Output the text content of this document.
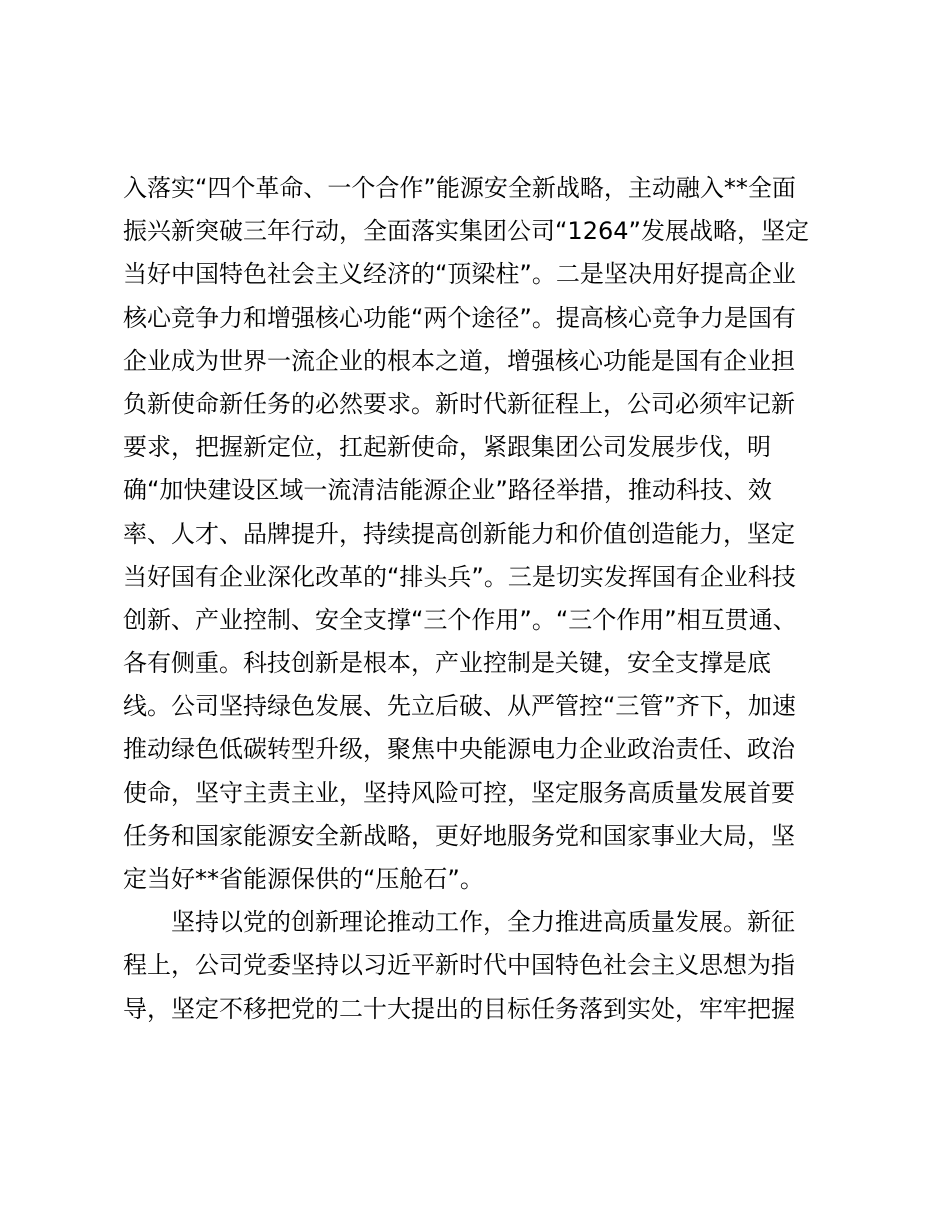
入落实“四个革命、一个合作”能源安全新战略，主动融入**全面
振兴新突破三年行动，全面落实集团公司“1264”发展战略，坚定
当好中国特色社会主义经济的“顶梁柱”。二是坚决用好提高企业
核心竞争力和增强核心功能“两个途径”。提高核心竞争力是国有
企业成为世界一流企业的根本之道，增强核心功能是国有企业担
负新使命新任务的必然要求。新时代新征程上，公司必须牢记新
要求，把握新定位，扛起新使命，紧跟集团公司发展步伐，明
确“加快建设区域一流清洁能源企业”路径举措，推动科技、效
率、人才、品牌提升，持续提高创新能力和价值创造能力，坚定
当好国有企业深化改革的“排头兵”。三是切实发挥国有企业科技
创新、产业控制、安全支撑“三个作用”。“三个作用”相互贯通、
各有侧重。科技创新是根本，产业控制是关键，安全支撑是底
线。公司坚持绿色发展、先立后破、从严管控“三管”齐下，加速
推动绿色低碳转型升级，聚焦中央能源电力企业政治责任、政治
使命，坚守主责主业，坚持风险可控，坚定服务高质量发展首要
任务和国家能源安全新战略，更好地服务党和国家事业大局，坚
定当好**省能源保供的“压舱石”。
　　坚持以党的创新理论推动工作，全力推进高质量发展。新征
程上，公司党委坚持以习近平新时代中国特色社会主义思想为指
导，坚定不移把党的二十大提出的目标任务落到实处，牢牢把握
